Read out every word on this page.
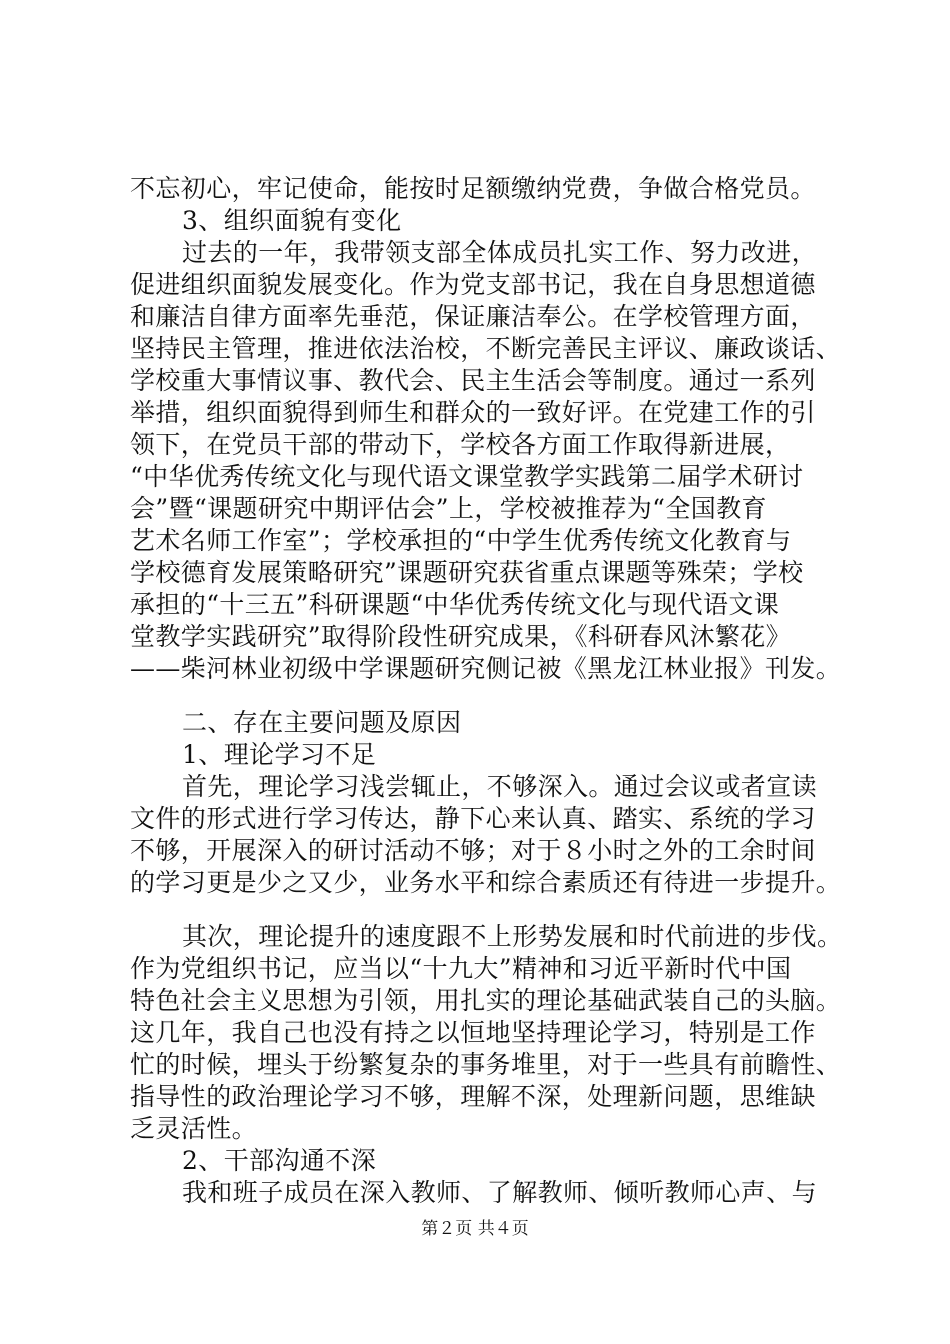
不忘初心，牢记使命，能按时足额缴纳党费，争做合格党员。
3、组织面貌有变化
过去的一年，我带领支部全体成员扎实工作、努力改进，
促进组织面貌发展变化。作为党支部书记，我在自身思想道德
和廉洁自律方面率先垂范，保证廉洁奉公。在学校管理方面，
坚持民主管理，推进依法治校，不断完善民主评议、廉政谈话、
学校重大事情议事、教代会、民主生活会等制度。通过一系列
举措，组织面貌得到师生和群众的一致好评。在党建工作的引
领下，在党员干部的带动下，学校各方面工作取得新进展，
“中华优秀传统文化与现代语文课堂教学实践第二届学术研讨
会”暨“课题研究中期评估会”上，学校被推荐为“全国教育
艺术名师工作室”；学校承担的“中学生优秀传统文化教育与
学校德育发展策略研究”课题研究获省重点课题等殊荣；学校
承担的“十三五”科研课题“中华优秀传统文化与现代语文课
堂教学实践研究”取得阶段性研究成果，《科研春风沐繁花》
——柴河林业初级中学课题研究侧记被《黑龙江林业报》刊发。
二、存在主要问题及原因
1、理论学习不足
首先，理论学习浅尝辄止，不够深入。通过会议或者宣读
文件的形式进行学习传达，静下心来认真、踏实、系统的学习
不够，开展深入的研讨活动不够；对于８小时之外的工余时间
的学习更是少之又少，业务水平和综合素质还有待进一步提升。
其次，理论提升的速度跟不上形势发展和时代前进的步伐。
作为党组织书记，应当以“十九大”精神和习近平新时代中国
特色社会主义思想为引领，用扎实的理论基础武装自己的头脑。
这几年，我自己也没有持之以恒地坚持理论学习，特别是工作
忙的时候，埋头于纷繁复杂的事务堆里，对于一些具有前瞻性、
指导性的政治理论学习不够，理解不深，处理新问题，思维缺
乏灵活性。
2、干部沟通不深
我和班子成员在深入教师、了解教师、倾听教师心声、与
第２页 共４页
